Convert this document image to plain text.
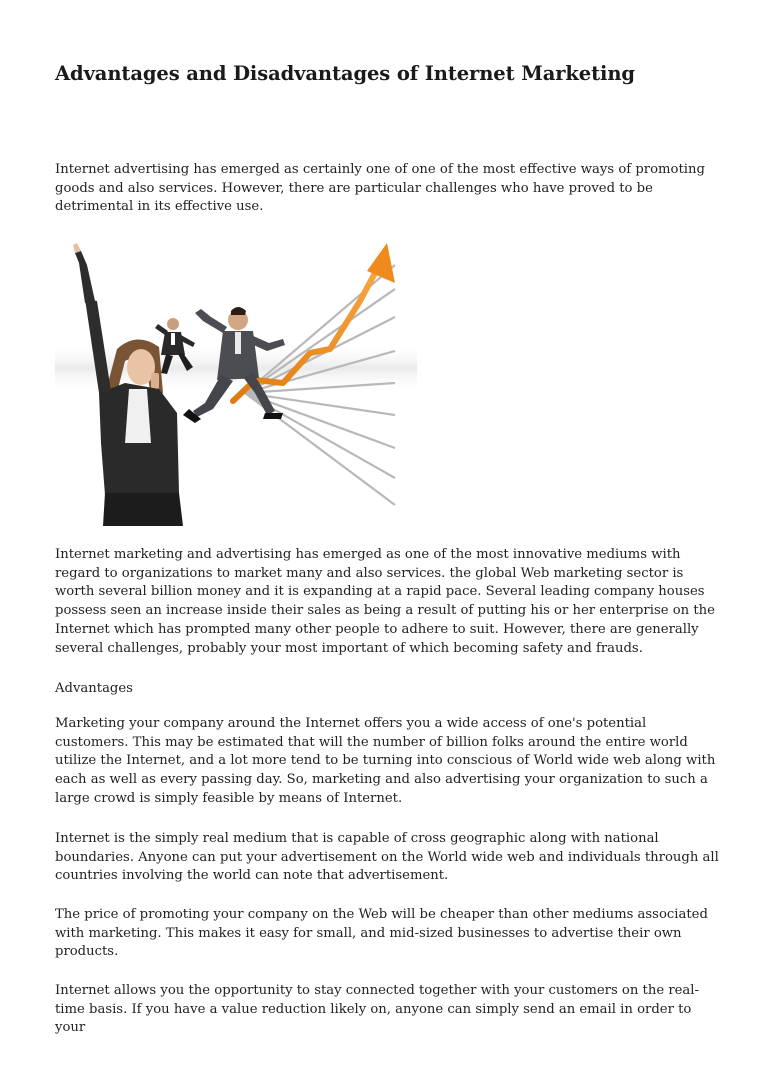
Advantages and Disadvantages of Internet Marketing

Internet advertising has emerged as certainly one of one of the most effective ways of promoting goods and also services. However, there are particular challenges who have proved to be detrimental in its effective use.

Internet marketing and advertising has emerged as one of the most innovative mediums with regard to organizations to market many and also services. the global Web marketing sector is worth several billion money and it is expanding at a rapid pace. Several leading company houses possess seen an increase inside their sales as being a result of putting his or her enterprise on the Internet which has prompted many other people to adhere to suit. However, there are generally several challenges, probably your most important of which becoming safety and frauds.

Advantages

Marketing your company around the Internet offers you a wide access of one's potential customers. This may be estimated that will the number of billion folks around the entire world utilize the Internet, and a lot more tend to be turning into conscious of World wide web along with each as well as every passing day. So, marketing and also advertising your organization to such a large crowd is simply feasible by means of Internet.

Internet is the simply real medium that is capable of cross geographic along with national boundaries. Anyone can put your advertisement on the World wide web and individuals through all countries involving the world can note that advertisement.

The price of promoting your company on the Web will be cheaper than other mediums associated with marketing. This makes it easy for small, and mid-sized businesses to advertise their own products.

Internet allows you the opportunity to stay connected together with your customers on the real-time basis. If you have a value reduction likely on, anyone can simply send an email in order to your
